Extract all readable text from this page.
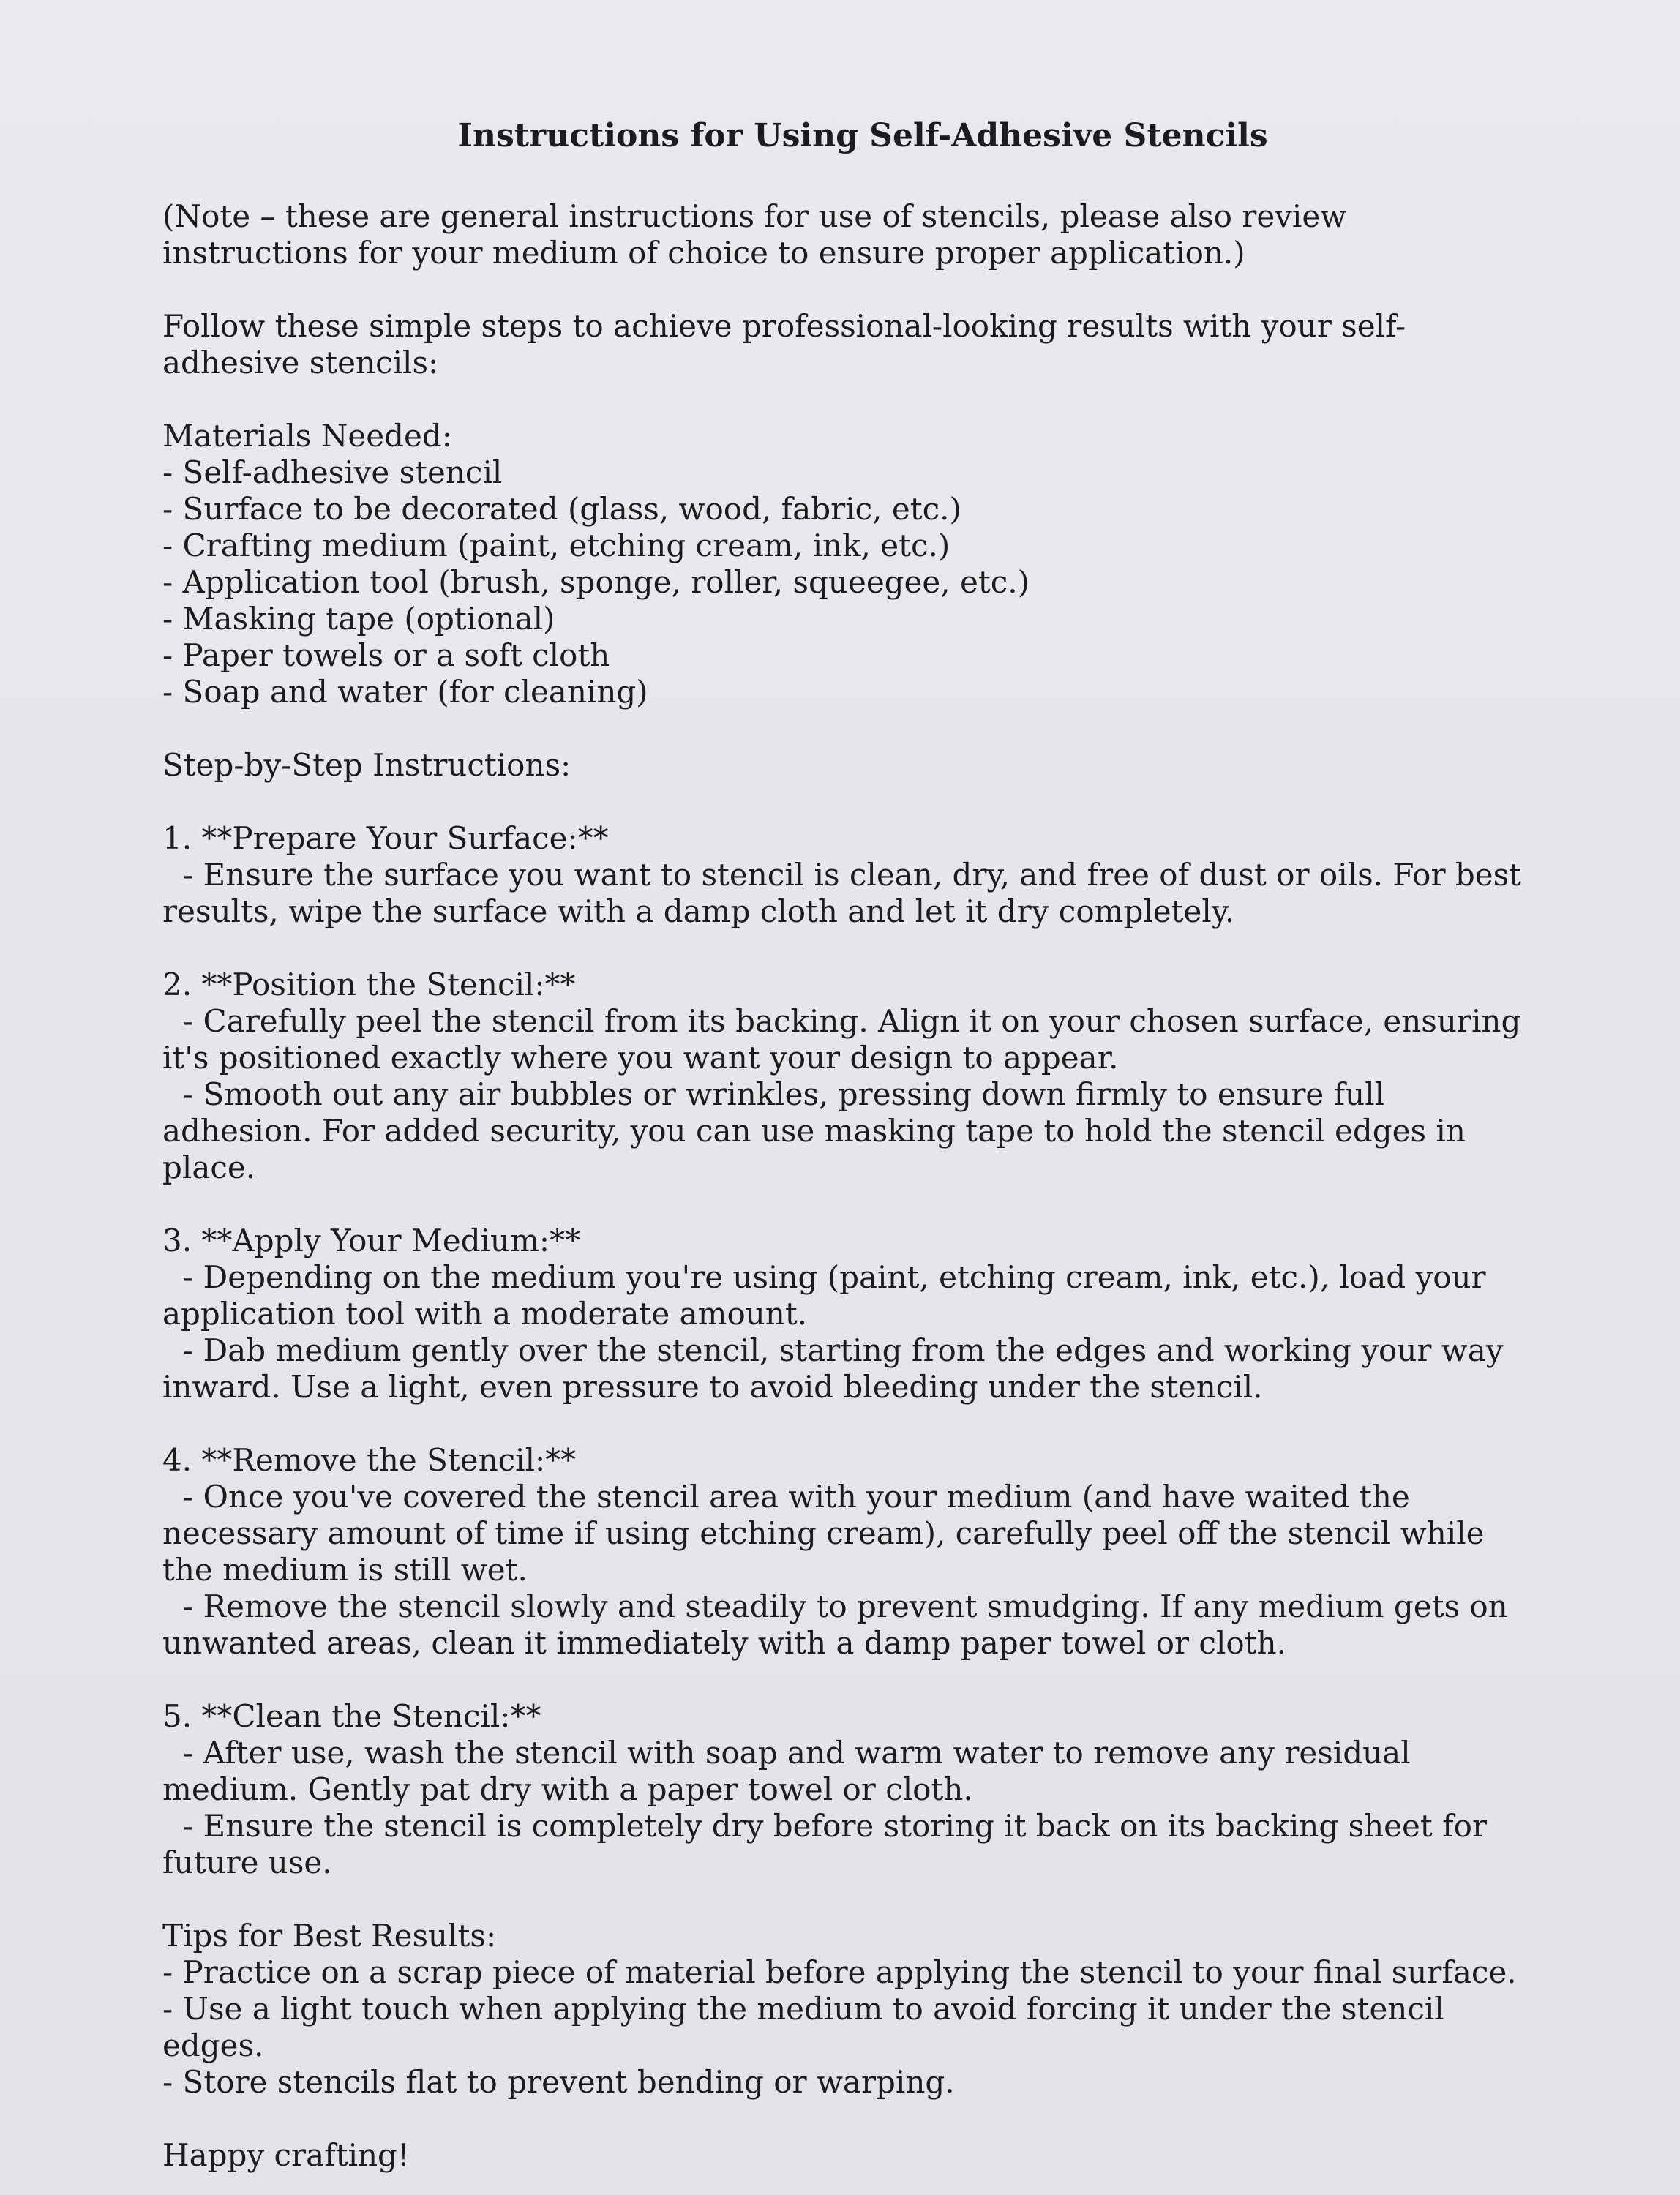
Instructions for Using Self-Adhesive Stencils

(Note – these are general instructions for use of stencils, please also review instructions for your medium of choice to ensure proper application.)

Follow these simple steps to achieve professional-looking results with your self-adhesive stencils:

Materials Needed:

- Self-adhesive stencil

- Surface to be decorated (glass, wood, fabric, etc.)

- Crafting medium (paint, etching cream, ink, etc.)

- Application tool (brush, sponge, roller, squeegee, etc.)

- Masking tape (optional)

- Paper towels or a soft cloth

- Soap and water (for cleaning)

Step-by-Step Instructions:

1. **Prepare Your Surface:**

- Ensure the surface you want to stencil is clean, dry, and free of dust or oils. For best results, wipe the surface with a damp cloth and let it dry completely.

2. **Position the Stencil:**

- Carefully peel the stencil from its backing. Align it on your chosen surface, ensuring it's positioned exactly where you want your design to appear.

- Smooth out any air bubbles or wrinkles, pressing down firmly to ensure full adhesion. For added security, you can use masking tape to hold the stencil edges in place.

3. **Apply Your Medium:**

- Depending on the medium you're using (paint, etching cream, ink, etc.), load your application tool with a moderate amount.

- Dab medium gently over the stencil, starting from the edges and working your way inward. Use a light, even pressure to avoid bleeding under the stencil.

4. **Remove the Stencil:**

- Once you've covered the stencil area with your medium (and have waited the necessary amount of time if using etching cream), carefully peel off the stencil while the medium is still wet.

- Remove the stencil slowly and steadily to prevent smudging. If any medium gets on unwanted areas, clean it immediately with a damp paper towel or cloth.

5. **Clean the Stencil:**

- After use, wash the stencil with soap and warm water to remove any residual medium. Gently pat dry with a paper towel or cloth.

- Ensure the stencil is completely dry before storing it back on its backing sheet for future use.

Tips for Best Results:

- Practice on a scrap piece of material before applying the stencil to your final surface.

- Use a light touch when applying the medium to avoid forcing it under the stencil edges.

- Store stencils flat to prevent bending or warping.

Happy crafting!
